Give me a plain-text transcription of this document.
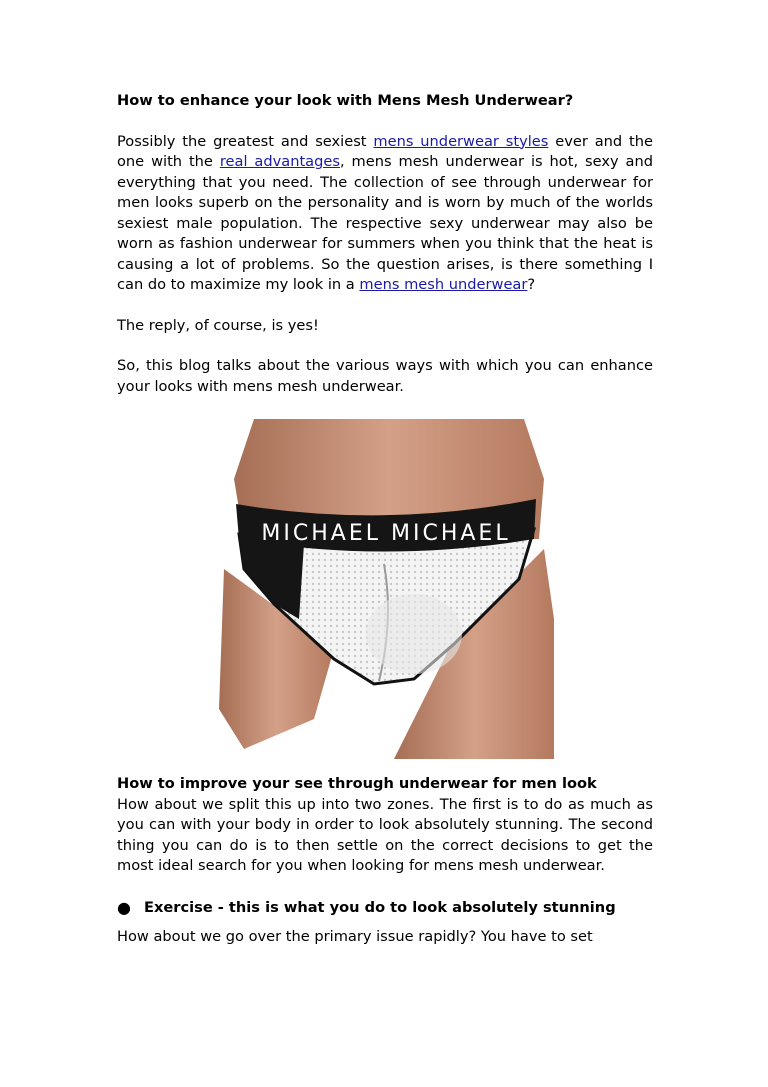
How to enhance your look with Mens Mesh Underwear?

Possibly the greatest and sexiest mens underwear styles ever and the one with the real advantages, mens mesh underwear is hot, sexy and everything that you need. The collection of see through underwear for men looks superb on the personality and is worn by much of the worlds sexiest male population. The respective sexy underwear may also be worn as fashion underwear for summers when you think that the heat is causing a lot of problems. So the question arises, is there something I can do to maximize my look in a mens mesh underwear?

The reply, of course, is yes!

So, this blog talks about the various ways with which you can enhance your looks with mens mesh underwear.

MICHAEL MICHAEL
How to improve your see through underwear for men look

How about we split this up into two zones. The first is to do as much as you can with your body in order to look absolutely stunning. The second thing you can do is to then settle on the correct decisions to get the most ideal search for you when looking for mens mesh underwear.

● Exercise - this is what you do to look absolutely stunning

How about we go over the primary issue rapidly? You have to set
